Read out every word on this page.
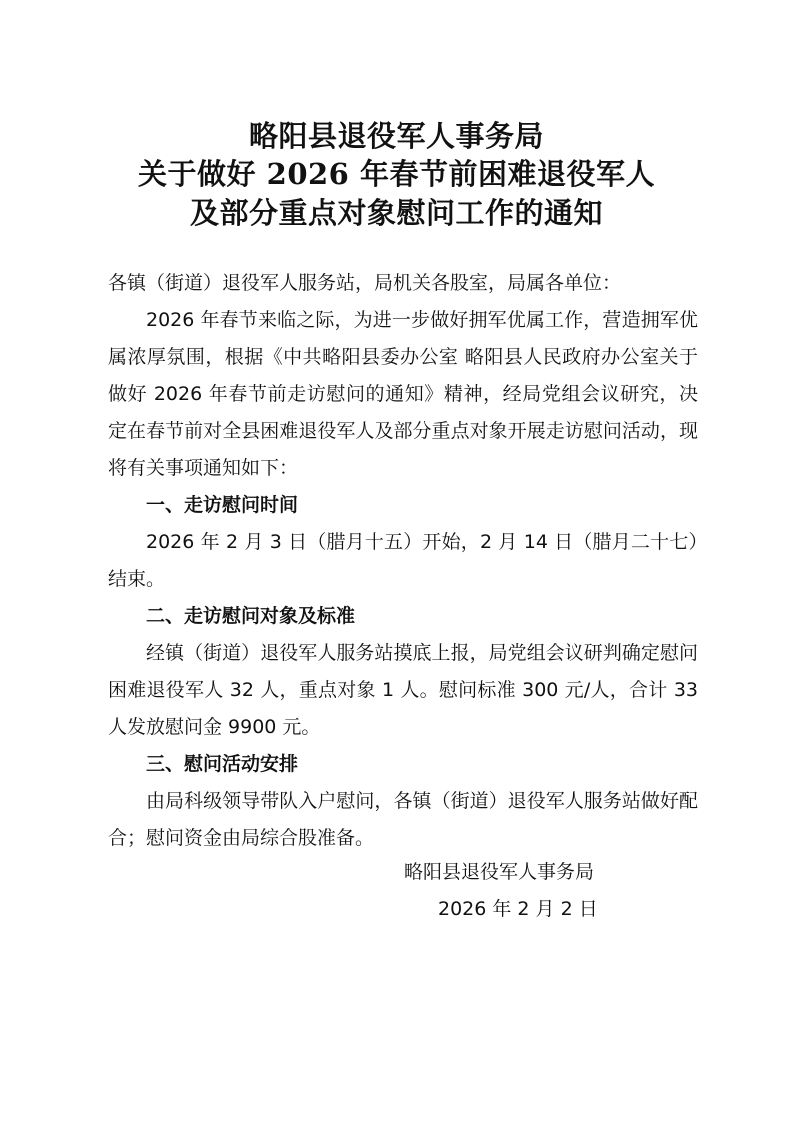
略阳县退役军人事务局
关于做好 2026 年春节前困难退役军人
及部分重点对象慰问工作的通知

各镇（街道）退役军人服务站，局机关各股室，局属各单位：

2026 年春节来临之际，为进一步做好拥军优属工作，营造拥军优属浓厚氛围，根据《中共略阳县委办公室 略阳县人民政府办公室关于做好 2026 年春节前走访慰问的通知》精神，经局党组会议研究，决定在春节前对全县困难退役军人及部分重点对象开展走访慰问活动，现将有关事项通知如下：

一、走访慰问时间

2026 年 2 月 3 日（腊月十五）开始，2 月 14 日（腊月二十七）结束。

二、走访慰问对象及标准

经镇（街道）退役军人服务站摸底上报，局党组会议研判确定慰问困难退役军人 32 人，重点对象 1 人。慰问标准 300 元/人，合计 33 人发放慰问金 9900 元。

三、慰问活动安排

由局科级领导带队入户慰问，各镇（街道）退役军人服务站做好配合；慰问资金由局综合股准备。

略阳县退役军人事务局
2026 年 2 月 2 日
